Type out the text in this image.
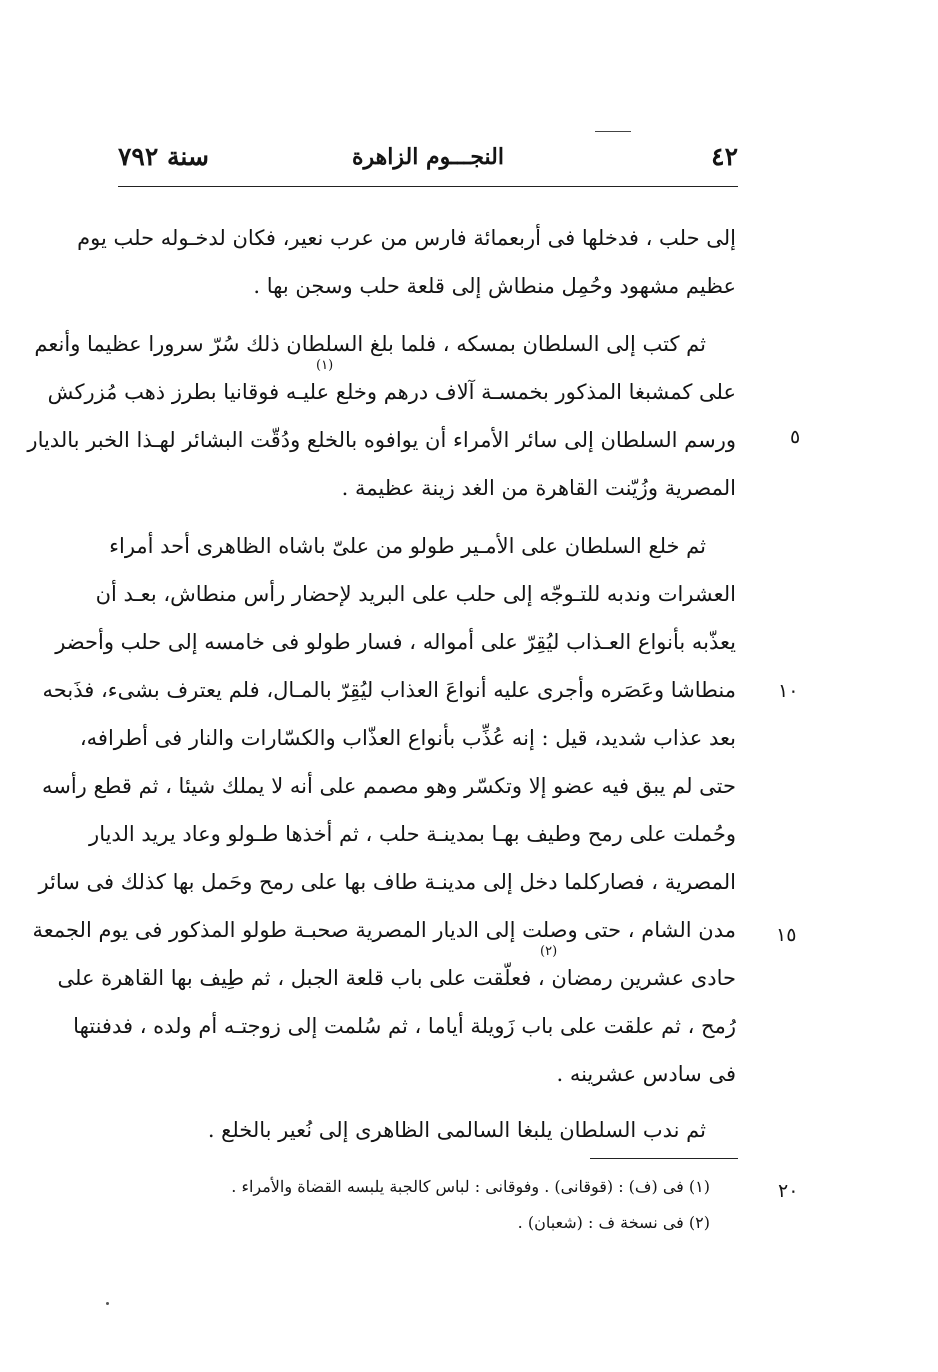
٤٢
النجـــوم الزاهرة
سنة ٧٩٢
إلى حلب ، فدخلها فى أربعمائة فارس من عرب نعير، فكان لدخـوله حلب يوم
عظيم مشهود وحُمِل منطاش إلى قلعة حلب وسجن بها .
ثم كتب إلى السلطان بمسكه ، فلما بلغ السلطان ذلك سُرّ سرورا عظيما وأنعم
(١)
على كمشبغا المذكور بخمسـة آلاف درهم وخلع عليـه فوقانيا بطرز ذهب مُزركش
ورسم السلطان إلى سائر الأمراء أن يوافوه بالخلع ودُقّت البشائر لهـذا الخبر بالديار
المصرية وزُيّنت القاهرة من الغد زينة عظيمة .
ثم خلع السلطان على الأمـير طولو من علىّ باشاه الظاهرى أحد أمراء
العشرات وندبه للتـوجّه إلى حلب على البريد لإحضار رأس منطاش، بعـد أن
يعذّبه بأنواع العـذاب ليُقِرّ على أمواله ، فسار طولو فى خامسه إلى حلب وأحضر
منطاشا وعَصَره وأجرى عليه أنواعَ العذاب ليُقِرّ بالمـال، فلم يعترف بشىء، فذَبحه
بعد عذاب شديد، قيل : إنه عُذِّب بأنواع العذّاب والكسّارات والنار فى أطرافه،
حتى لم يبق فيه عضو إلا وتكسّر وهو مصمم على أنه لا يملك شيئا ، ثم قطع رأسه
وحُملت على رمح وطيف بهـا بمدينـة حلب ، ثم أخذها طـولو وعاد يريد الديار
المصرية ، فصاركلما دخل إلى مدينـة طاف بها على رمح وحَمل بها كذلك فى سائر
مدن الشام ، حتى وصلت إلى الديار المصرية صحبـة طولو المذكور فى يوم الجمعة
(٢)
حادى عشرين رمضان ، فعلّقت على باب قلعة الجبل ، ثم طِيف بها القاهرة على
رُمح ، ثم علقت على باب زَويلة أياما ، ثم سُلمت إلى زوجتـه أم ولده ، فدفنتها
فى سادس عشرينه .
ثم ندب السلطان يلبغا السالمى الظاهرى إلى نُعير بالخلع .
٥
١٠
١٥
٢٠
(١) فى (ف) : (قوقانى) . وفوقانى : لباس كالجبة يلبسه القضاة والأمراء .
(٢) فى نسخة ف : (شعبان) .
